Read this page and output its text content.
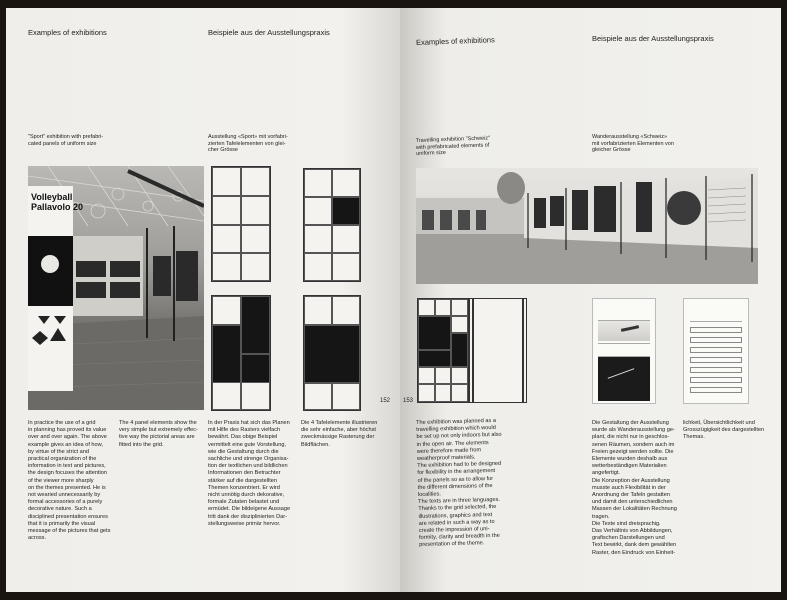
Examples of exhibitions	Beispiele aus der Ausstellungspraxis
"Sport" exhibition with prefabri-
cated panels of uniform size
Ausstellung «Sport» mit vorfabri-
zierten Tafelelementen von glei-
cher Grösse
Volleyball
Pallavolo 20
In practice the use of a grid
in planning has proved its value
over and over again. The above
example gives an idea of how,
by virtue of the strict and
practical organization of the
information in text and pictures,
the design focuses the attention
of the viewer more sharply
on the themes presented. He is
not wearied unnecessarily by
formal accessories of a purely
decorative nature. Such a
disciplined presentation ensures
that it is primarily the visual
message of the pictures that gets
across.
The 4 panel elements show the
very simple but extremely effec-
tive way the pictorial areas are
fitted into the grid.
In der Praxis hat sich das Planen
mit Hilfe des Rasters vielfach
bewährt. Das obige Beispiel
vermittelt eine gute Vorstellung,
wie die Gestaltung durch die
sachliche und strenge Organisa-
tion der textlichen und bildlichen
Informationen den Betrachter
stärker auf die dargestellten
Themen konzentriert. Er wird
nicht unnötig durch dekorative,
formale Zutaten belastet und
ermüdet. Die bildeigene Aussage
tritt dank der disziplinierten Dar-
stellungsweise primär hervor.
Die 4 Tafelelemente illustrieren
die sehr einfache, aber höchst
zweckmässige Rasterung der
Bildflächen.
152
Examples of exhibitions	Beispiele aus der Ausstellungspraxis
Travelling exhibition "Schweiz"
with prefabricated elements of
uniform size
Wanderausstellung «Schweiz»
mit vorfabrizierten Elementen von
gleicher Grösse
The exhibition was planned as a
travelling exhibition which would
be set up not only indoors but also
in the open air. The elements
were therefore made from
weatherproof materials.
The exhibition had to be designed
for flexibility in the arrangement
of the panels so as to allow for
the different dimensions of the
localities.
The texts are in three languages.
Thanks to the grid selected, the
illustrations, graphics and text
are related in such a way as to
create the impression of uni-
formity, clarity and breadth in the
presentation of the theme.
Die Gestaltung der Ausstellung
wurde als Wanderausstellung ge-
plant, die nicht nur in geschlos-
senen Räumen, sondern auch im
Freien gezeigt werden sollte. Die
Elemente wurden deshalb aus
wetterbeständigen Materialien
angefertigt.
Die Konzeption der Ausstellung
musste auch Flexibilität in der
Anordnung der Tafeln gestatten
und damit den unterschiedlichen
Massen der Lokalitäten Rechnung
tragen.
Die Texte sind dreisprachig.
Das Verhältnis von Abbildungen,
grafischen Darstellungen und
Text bewirkt, dank dem gewählten
Raster, den Eindruck von Einheit-
lichkeit, Übersichtlichkeit und
Grosszügigkeit des dargestellten
Themas.
153
